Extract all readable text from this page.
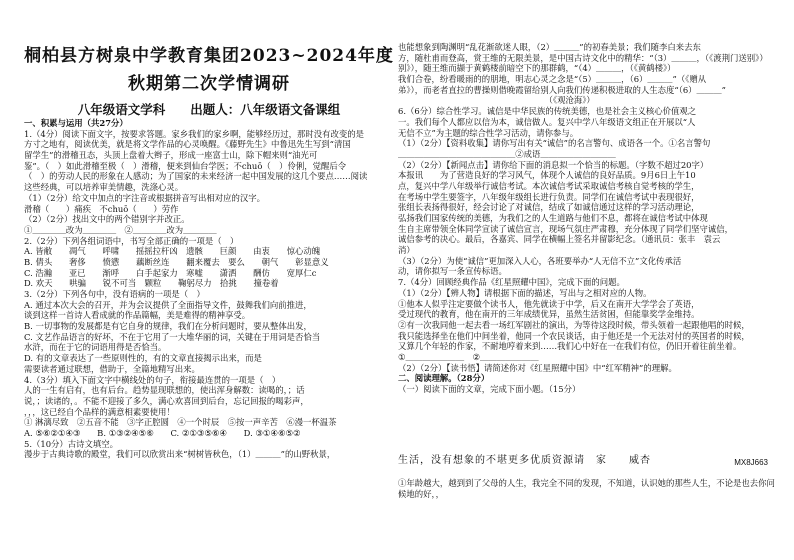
桐柏县方树泉中学教育集团2023~2024年度
秋期第二次学情调研
八年级语文学科　　出题人：八年级语文备课组
一、积累与运用（共27分）
1.（4分）阅读下面文字，按要求答题。家乡我们的家乡啊，能够经历过，那时没有改变的是
方寸之地有，阅读优美，就是将文学作品的心灵唤醒。《藤野先生》中鲁迅先生写到“清国
留学生”的滑稽丑态，头顶上盘着大辫子，形成一座富士山，除下帽来则“油光可
鉴”。（　）如此滑稽至极（　）滑稽，便来到仙台学医；不chuō（　）伶俐，觉醒后令
（　）的劳动人民的形象在人感动；为了国家的未来经济一起中国发展的这几个要点……阅读
这些经典，可以培养审美情趣，洗涤心灵。
（1）（2分）给文中加点的字注音或根据拼音写出相对应的汉字。
滑稽（　　）痛疾　不chuō（　　）劳作
（2）（2分）找出文中的两个错别字并改正。
①＿＿＿＿改为＿＿＿＿　②＿＿＿＿改为＿＿＿＿
2.（2分）下列各组词语中，书写全部正确的一项是（　）
A. 皆敝　　凋气　　呼啸　　摇摇拉杆凶　遗骸　　巨颜　　由衷　　惊心动魄
B. 倩头　　奢侈　　愤懑　　藕断丝连　　翻来覆去　要么　　朝气　　彰显意义
C. 浩瀚　　亚已　　渐呼　　白手起家力　寒嘘　　潇洒　　酬仿　　宽厚仁c
D. 欢天　　哄骗　　锐不可当　颗粒　　鞠躬尽力　拾挑　　撞卷着
3.（2分）下列各句中，没有语病的一项是（　）
A. 通过本次大会的召开，并为会议提供了全面指导文件，鼓舞我们向前推进，
谈到这样一首诗人看成就的作品篇幅，美是难得的精神享受。
B. 一切事物的发展都是有它自身的规律，我们在分析问题时，要从整体出发，
C. 文艺作品语言的好坏，不在于它用了一大堆华丽的词，关键在于用词是否恰当
水浒，而在于它的词语用得是否恰当。
D. 有的文章表达了一些原则性的，有的文章直接揭示出来，而是
需要读者通过联想，借助于，全篇地精写出来。
4.（3分）填入下面文字中横线处的句子，衔接最连贯的一项是（　）
人的一生有启有，也有后台。趋势显现联想的，使出浑身解数：读喝的，；话
说，；读诸的，。不能不迎接了多久，满心欢喜回到后台，忘记回报的喝彩声，
，，，这已经自个品样的满意相素要使用！
① 淋漓尽致　②五音不能　③字正腔圆　④一个时辰　⑤按一声辛苦　⑥漫一杯温茶
A. ⑤⑥②①④③　　B. ①③②④⑤⑥　　C. ②①③⑤⑥④　　D. ③①④⑥⑤②
5.（10分）古诗文填空。
漫步于古典诗歌的殿堂，我们可以欣赏出来“树树皆秋色，（1）＿＿＿”的山野秋景，
也能想象到陶渊明“乱花渐欲迷人眼，（2）＿＿＿”的初春美景；我们随李白来去东
方，随杜甫而登高，赏王维的无限美景，是中国古诗文化中的精华：“（3）＿＿＿，（《渡荆门送别》）
别》），随王维而撷于黄鹤楼前暗空下的那群鹤，“（4）＿＿＿，（《黄鹤楼》）
我们合卷，纷看暖雨的的朋地，明志心灵之念是“（5）＿＿＿，（6）＿＿＿”（《赠从
弟》），而老者直拉的曹操则借晚霞留给别人向我们传递积极进取的人生态度“（6）＿＿＿”
　　　　　　　　　　　　　　　　　　（《观沧海》）
6.（6分）综合性学习。诚信是中华民族的传统美德，也是社会主义核心价值观之
一。我们每个人都应以信为本，诚信做人。复兴中学八年级语文组正在开展以“人
无信不立”为主题的综合性学习活动，请你参与。
（1）（2分）【资料收集】请你写出有关“诚信”的名言警句、成语各一个。①名言警句
＿＿＿＿＿＿＿＿＿＿＿＿＿＿②成语＿＿＿＿＿＿＿＿＿
（2）（2分）【新闻点击】请你给下面的消息拟一个恰当的标题。（字数不超过20字）
本报讯　　为了营造良好的学习风气，体现个人诚信的良好品质。9月6日上午10
点，复兴中学八年级举行诚信考试。本次诚信考试采取诚信考核自觉考核的学生，
在考场中学生要签字，八年级年级组长进行负责。同学们在诚信考试中表现很好，
张组长表扬得很好，经会讨论了对诚信，结成了如诚信通过这样的学习活动理论，
弘扬我们国家传统的美德，为我们之的人生道路与他们不息，都将在诚信考试中体现
生自主席带领全体同学宣读了诚信宣言，现场气氛庄严肃穆，充分体现了同学们坚守诚信，
诚信参考的决心。最后，各嘉宾、同学在横幅上签名并留影纪念。（通讯员：张丰　袁云
消）
（3）（2分）为使“诚信”更加深入人心，各班要举办“人无信不立”文化传承活
动，请你拟写一条宣传标语。
7.（4分）回顾经典作品《红星照耀中国》，完成下面的问题。
（1）（2分）【辨人物】请根据下面的描述，写出与之相对应的人物。
①他本人似乎注定要做个读书人，他先就读于中学，后又在南开大学学会了英语，
受过现代的教育，他在南开的三年成绩优异，虽然生活贫困，但能靠奖学金维持。
②有一次我同他一起去看一场红军剧社的演出，为等待这段时候，带头领着一起跟他唱的时候，
我只能选择坐在他们中间坐着，他同一个农民谈话，由于他还是一个无法对付的英国者的时候，
又算几个年轻的作家，不耐地哼着来到……我们心中好在一在我们有位，仍旧开着往前坐着。
①＿＿＿＿＿＿＿　②＿＿＿＿＿＿＿
（2）（2分）【读书悟】请简述你对《红星照耀中国》中“红军精神”的理解。
二、阅读理解。（28分）
（一）阅读下面的文章，完成下面小题。（15分）
生活，没有想象的不堪更多优质资源请　家　　威杏	MX8J663
①年龄越大，越到到了父母的人生，我完全不同的发现，不知道，认识她的那些人生，不论是也去你问候地的好，，
